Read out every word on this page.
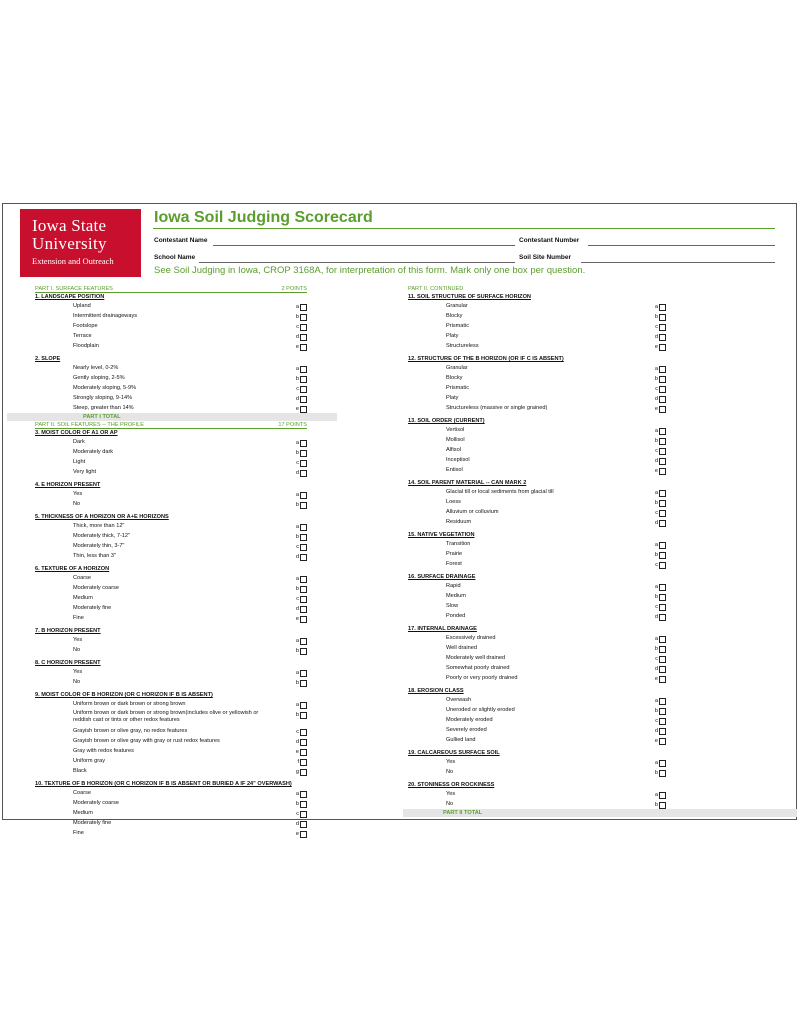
Iowa State
University
Extension and Outreach
Iowa Soil Judging Scorecard
Contestant Name	Contestant Number
School Name	Soil Site Number
See Soil Judging in Iowa, CROP 3168A, for interpretation of this form. Mark only one box per question.
PART I. SURFACE FEATURES	2 POINTS
1. LANDSCAPE POSITION
Upland	a
Intermittent drainageways	b
Footslope	c
Terrace	d
Floodplain	e
2. SLOPE
Nearly level, 0-2%	a
Gently sloping, 2-5%	b
Moderately sloping, 5-9%	c
Strongly sloping, 9-14%	d
Steep, greater than 14%	e
PART I TOTAL
PART II. SOIL FEATURES -- THE PROFILE	17 POINTS
3. MOIST COLOR OF A1 OR AP
Dark	a
Moderately dark	b
Light	c
Very light	d
4. E HORIZON PRESENT
Yes	a
No	b
5. THICKNESS OF A HORIZON OR A+E HORIZONS
Thick, more than 12"	a
Moderately thick, 7-12"	b
Moderately thin, 3-7"	c
Thin, less than 3"	d
6. TEXTURE OF A HORIZON
Coarse	a
Moderately coarse	b
Medium	c
Moderately fine	d
Fine	e
7. B HORIZON PRESENT
Yes	a
No	b
8. C HORIZON PRESENT
Yes	a
No	b
9. MOIST COLOR OF B HORIZON (OR C HORIZON IF B IS ABSENT)
Uniform brown or dark brown or strong brown	a
Uniform brown or dark brown or strong brown(includes olive or yellowish or reddish cast or tints or other redox features
b
Grayish brown or olive gray, no redox features	c
Grayish brown or olive gray with gray or rust redox features	d
Gray with redox features	e
Uniform gray	f
Black	g
10. TEXTURE OF B HORIZON (OR C HORIZON IF B IS ABSENT OR BURIED A IF 24" OVERWASH)
Coarse	a
Moderately coarse	b
Medium	c
Moderately fine	d
Fine	e
PART II. CONTINUED
11. SOIL STRUCTURE OF SURFACE HORIZON
Granular	a
Blocky	b
Prismatic	c
Platy	d
Structureless	e
12. STRUCTURE OF THE B HORIZON (OR IF C IS ABSENT)
Granular	a
Blocky	b
Prismatic	c
Platy	d
Structureless (massive or single grained)	e
13. SOIL ORDER (CURRENT)
Vertisol	a
Mollisol	b
Alfisol	c
Inceptisol	d
Entisol	e
14. SOIL PARENT MATERIAL -- CAN MARK 2
Glacial till or local sediments from glacial till	a
Loess	b
Alluvium or colluvium	c
Residuum	d
15. NATIVE VEGETATION
Transition	a
Prairie	b
Forest	c
16. SURFACE DRAINAGE
Rapid	a
Medium	b
Slow	c
Ponded	d
17. INTERNAL DRAINAGE
Excessively drained	a
Well drained	b
Moderately well drained	c
Somewhat poorly drained	d
Poorly or very poorly drained	e
18. EROSION CLASS
Overwash	a
Uneroded or slightly eroded	b
Moderately eroded	c
Severely eroded	d
Gullied land	e
19. CALCAREOUS SURFACE SOIL
Yes	a
No	b
20. STONINESS OR ROCKINESS
Yes	a
No	b
PART II TOTAL
